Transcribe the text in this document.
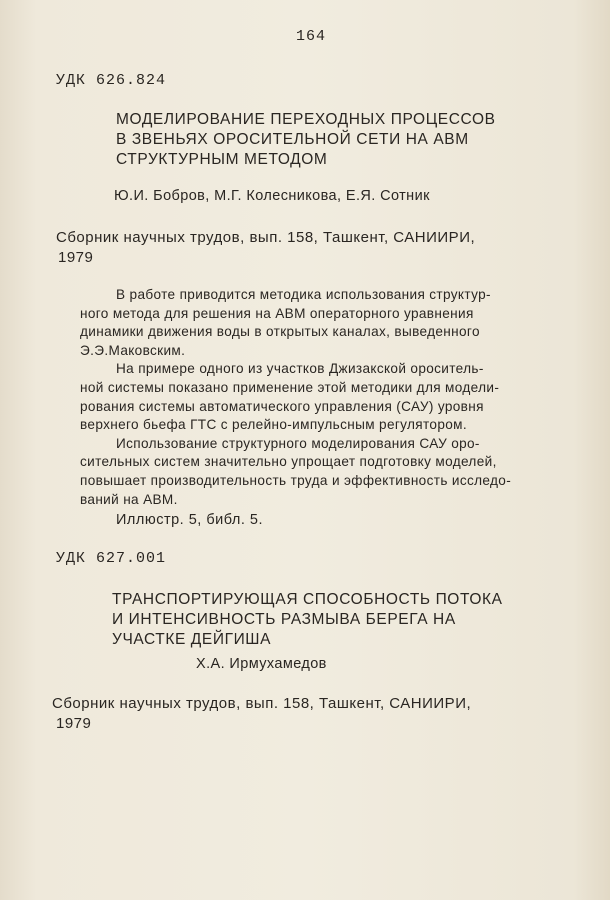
164
УДК 626.824
МОДЕЛИРОВАНИЕ ПЕРЕХОДНЫХ ПРОЦЕССОВ
В ЗВЕНЬЯХ ОРОСИТЕЛЬНОЙ СЕТИ НА АВМ
СТРУКТУРНЫМ МЕТОДОМ
Ю.И. Бобров, М.Г. Колесникова, Е.Я. Сотник
Сборник научных трудов, вып. 158, Ташкент, САНИИРИ,
1979
В работе приводится методика использования структур-
ного метода для решения на АВМ операторного уравнения
динамики движения воды в открытых каналах, выведенного
Э.Э.Маковским.
На примере одного из участков Джизакской ороситель-
ной системы показано применение этой методики для модели-
рования системы автоматического управления (САУ) уровня
верхнего бьефа ГТС с релейно-импульсным регулятором.
Использование структурного моделирования САУ оро-
сительных систем значительно упрощает подготовку моделей,
повышает производительность труда и эффективность исследо-
ваний на АВМ.
Иллюстр. 5, библ. 5.
УДК 627.001
ТРАНСПОРТИРУЮЩАЯ СПОСОБНОСТЬ ПОТОКА
И ИНТЕНСИВНОСТЬ РАЗМЫВА БЕРЕГА НА
УЧАСТКЕ ДЕЙГИША
Х.А. Ирмухамедов
Сборник научных трудов, вып. 158, Ташкент, САНИИРИ,
1979
